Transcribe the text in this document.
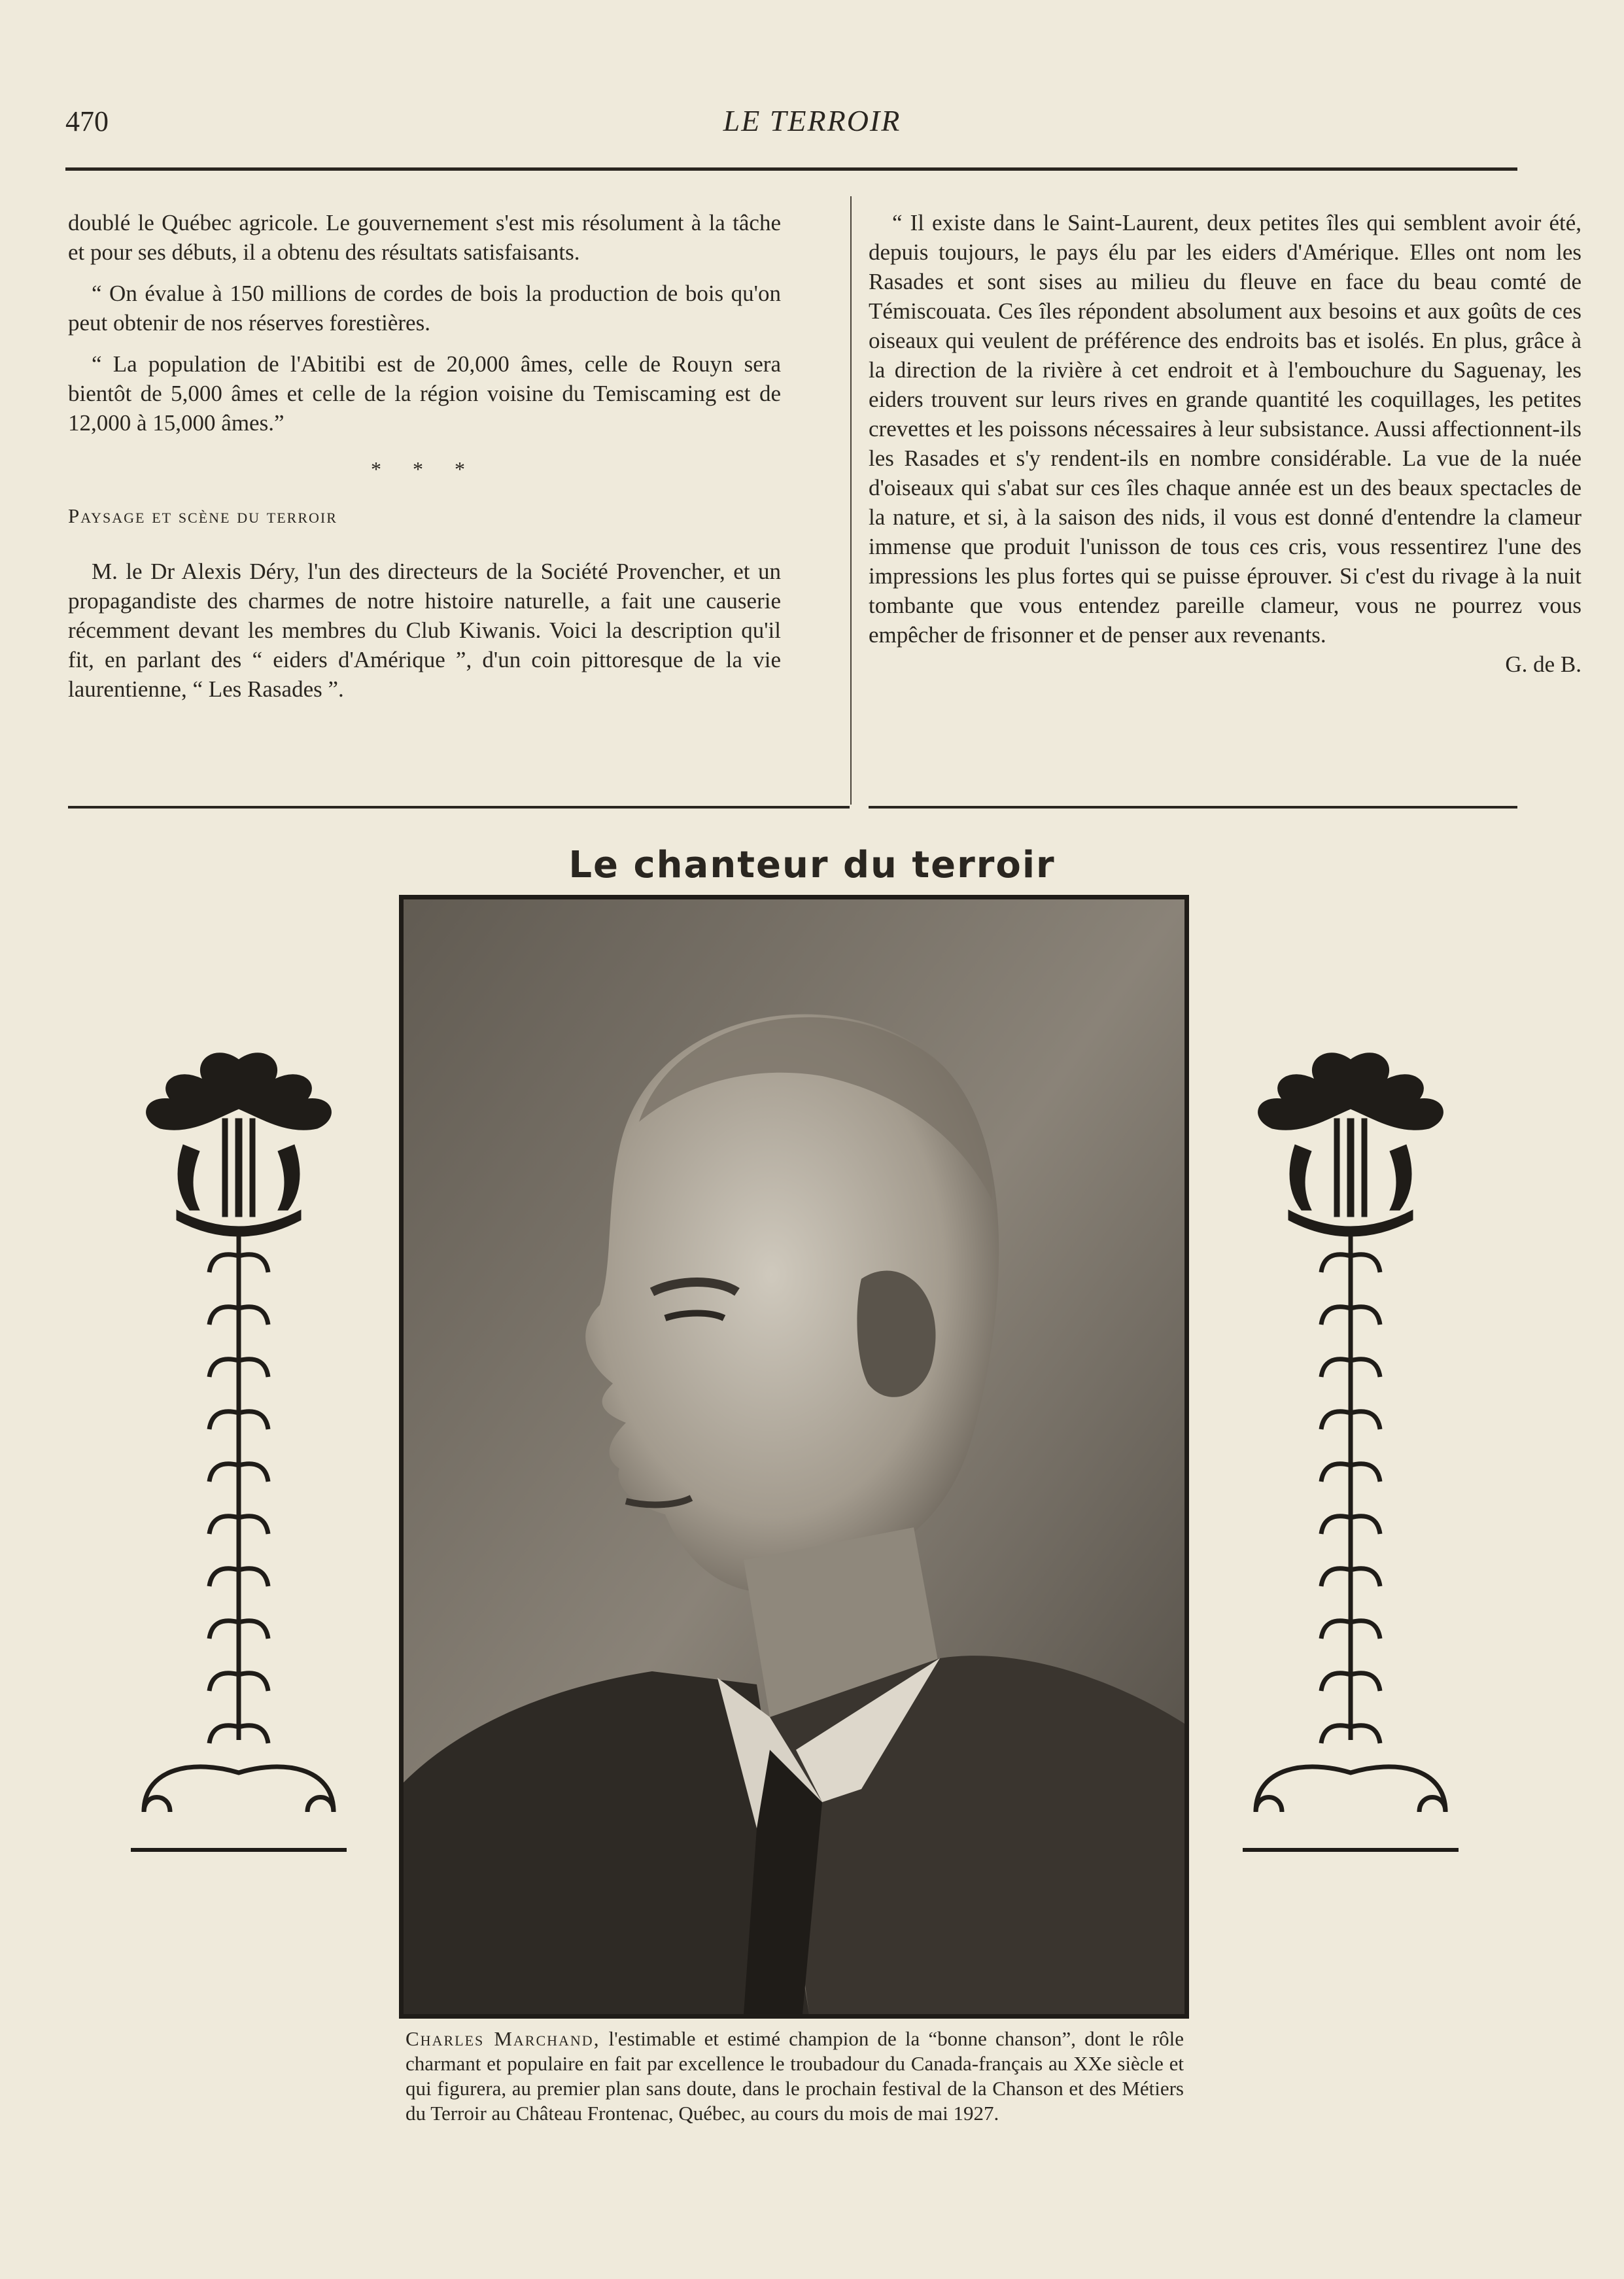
470	LE TERROIR

doublé le Québec agricole. Le gouvernement s'est mis résolument à la tâche et pour ses débuts, il a obtenu des résultats satisfaisants.

“ On évalue à 150 millions de cordes de bois la production de bois qu'on peut obtenir de nos réserves forestières.

“ La population de l'Abitibi est de 20,000 âmes, celle de Rouyn sera bientôt de 5,000 âmes et celle de la région voisine du Temiscaming est de 12,000 à 15,000 âmes.”

* * *
Paysage et scène du terroir

M. le Dr Alexis Déry, l'un des directeurs de la Société Provencher, et un propagandiste des charmes de notre histoire naturelle, a fait une causerie récemment devant les membres du Club Kiwanis. Voici la description qu'il fit, en parlant des “ eiders d'Amérique ”, d'un coin pittoresque de la vie laurentienne, “ Les Rasades ”.

“ Il existe dans le Saint-Laurent, deux petites îles qui semblent avoir été, depuis toujours, le pays élu par les eiders d'Amérique. Elles ont nom les Rasades et sont sises au milieu du fleuve en face du beau comté de Témiscouata. Ces îles répondent absolument aux besoins et aux goûts de ces oiseaux qui veulent de préférence des endroits bas et isolés. En plus, grâce à la direction de la rivière à cet endroit et à l'embouchure du Saguenay, les eiders trouvent sur leurs rives en grande quantité les coquillages, les petites crevettes et les poissons nécessaires à leur subsistance. Aussi affectionnent-ils les Rasades et s'y rendent-ils en nombre considérable. La vue de la nuée d'oiseaux qui s'abat sur ces îles chaque année est un des beaux spectacles de la nature, et si, à la saison des nids, il vous est donné d'entendre la clameur immense que produit l'unisson de tous ces cris, vous ressentirez l'une des impressions les plus fortes qui se puisse éprouver. Si c'est du rivage à la nuit tombante que vous entendez pareille clameur, vous ne pourrez vous empêcher de frisonner et de penser aux revenants.

G. de B.
Le chanteur du terroir
Charles Marchand, l'estimable et estimé champion de la “bonne chanson”, dont le rôle charmant et populaire en fait par excellence le troubadour du Canada-français au XXe siècle et qui figurera, au premier plan sans doute, dans le prochain festival de la Chanson et des Métiers du Terroir au Château Frontenac, Québec, au cours du mois de mai 1927.
